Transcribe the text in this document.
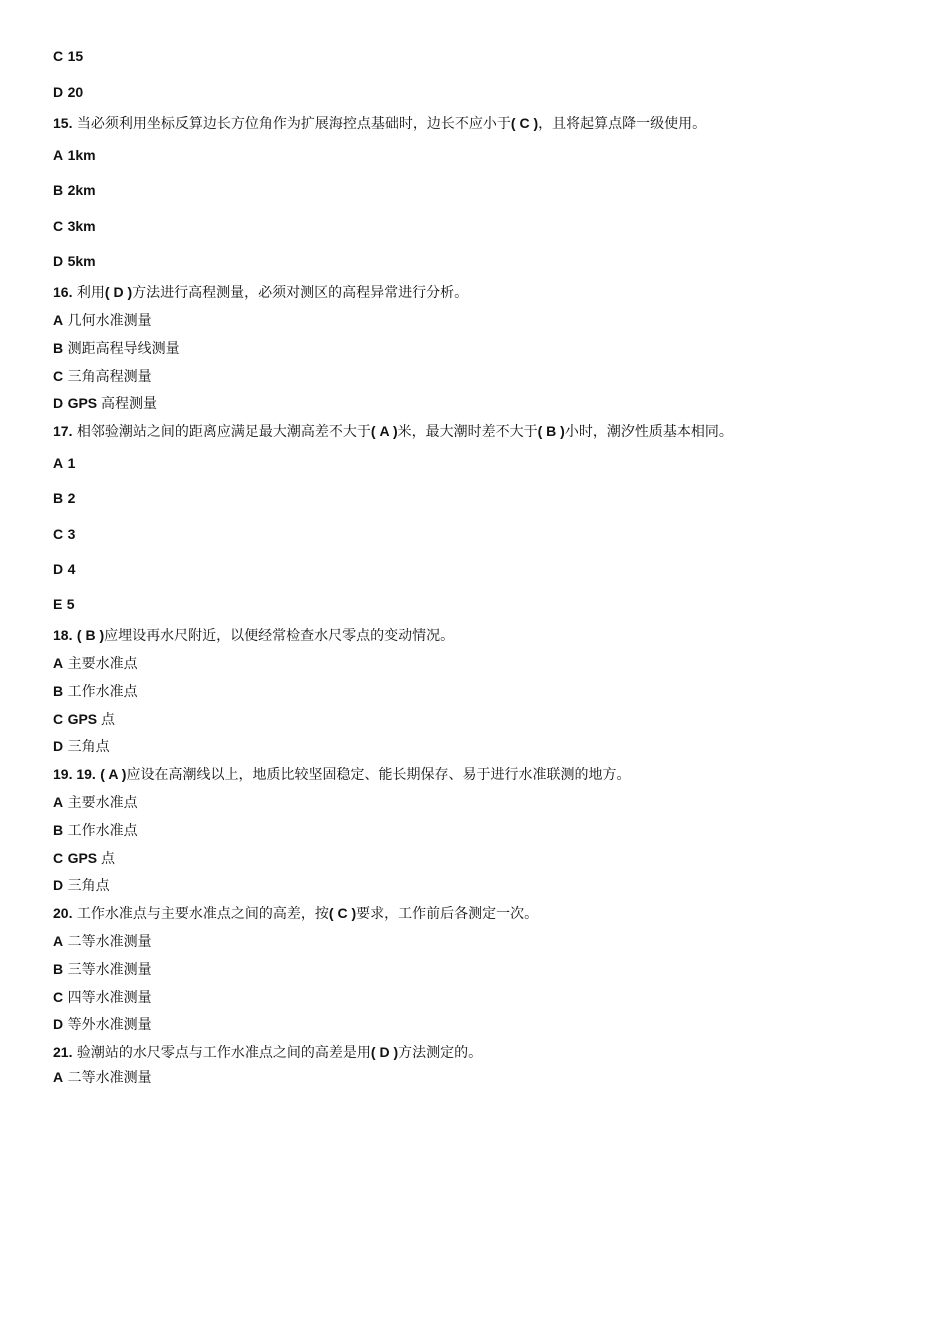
C 15
D 20
15. 当必须利用坐标反算边长方位角作为扩展海控点基础时，边长不应小于( C )，且将起算点降一级使用。
A 1km
B 2km
C 3km
D 5km
16. 利用( D )方法进行高程测量，必须对测区的高程异常进行分析。
A 几何水准测量
B 测距高程导线测量
C 三角高程测量
D GPS 高程测量
17. 相邻验潮站之间的距离应满足最大潮高差不大于( A )米，最大潮时差不大于( B )小时，潮汐性质基本相同。
A 1
B 2
C 3
D 4
E 5
18. ( B )应埋设再水尺附近，以便经常检查水尺零点的变动情况。
A 主要水准点
B 工作水准点
C GPS 点
D 三角点
19. 19. ( A )应设在高潮线以上，地质比较坚固稳定、能长期保存、易于进行水准联测的地方。
A 主要水准点
B 工作水准点
C GPS 点
D 三角点
20. 工作水准点与主要水准点之间的高差，按( C )要求，工作前后各测定一次。
A 二等水准测量
B 三等水准测量
C 四等水准测量
D 等外水准测量
21. 验潮站的水尺零点与工作水准点之间的高差是用( D )方法测定的。
A 二等水准测量
